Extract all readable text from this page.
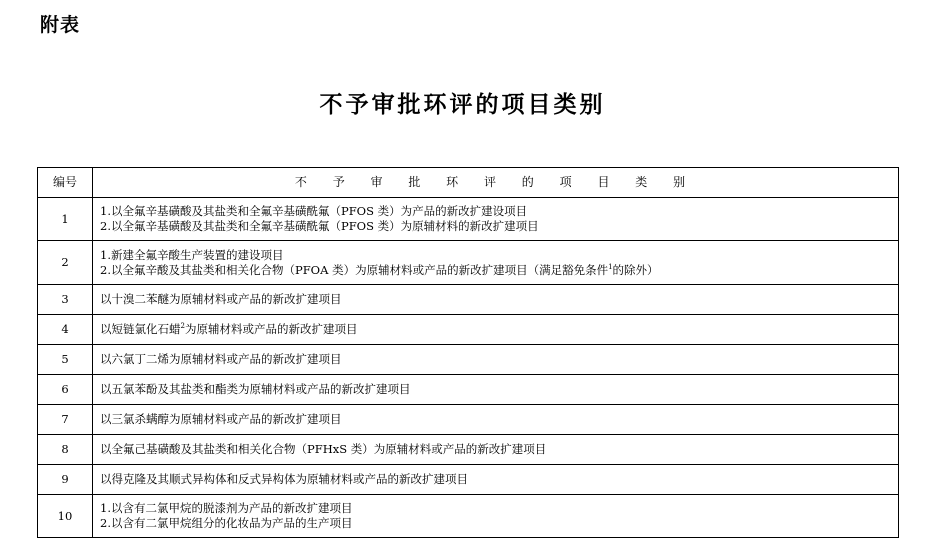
附表
不予审批环评的项目类别
编号	不 予 审 批 环 评 的 项 目 类 别
1	1.以全氟辛基磺酸及其盐类和全氟辛基磺酰氟（PFOS 类）为产品的新改扩建设项目
2.以全氟辛基磺酸及其盐类和全氟辛基磺酰氟（PFOS 类）为原辅材料的新改扩建项目

2	1.新建全氟辛酸生产装置的建设项目
2.以全氟辛酸及其盐类和相关化合物（PFOA 类）为原辅材料或产品的新改扩建项目（满足豁免条件$^1$的除外）

3	以十溴二苯醚为原辅材料或产品的新改扩建项目
4	以短链氯化石蜡$^2$为原辅材料或产品的新改扩建项目
5	以六氯丁二烯为原辅材料或产品的新改扩建项目
6	以五氯苯酚及其盐类和酯类为原辅材料或产品的新改扩建项目
7	以三氯杀螨醇为原辅材料或产品的新改扩建项目
8	以全氟己基磺酸及其盐类和相关化合物（PFHxS 类）为原辅材料或产品的新改扩建项目
9	以得克隆及其顺式异构体和反式异构体为原辅材料或产品的新改扩建项目
10	1.以含有二氯甲烷的脱漆剂为产品的新改扩建项目
2.以含有二氯甲烷组分的化妆品为产品的生产项目
